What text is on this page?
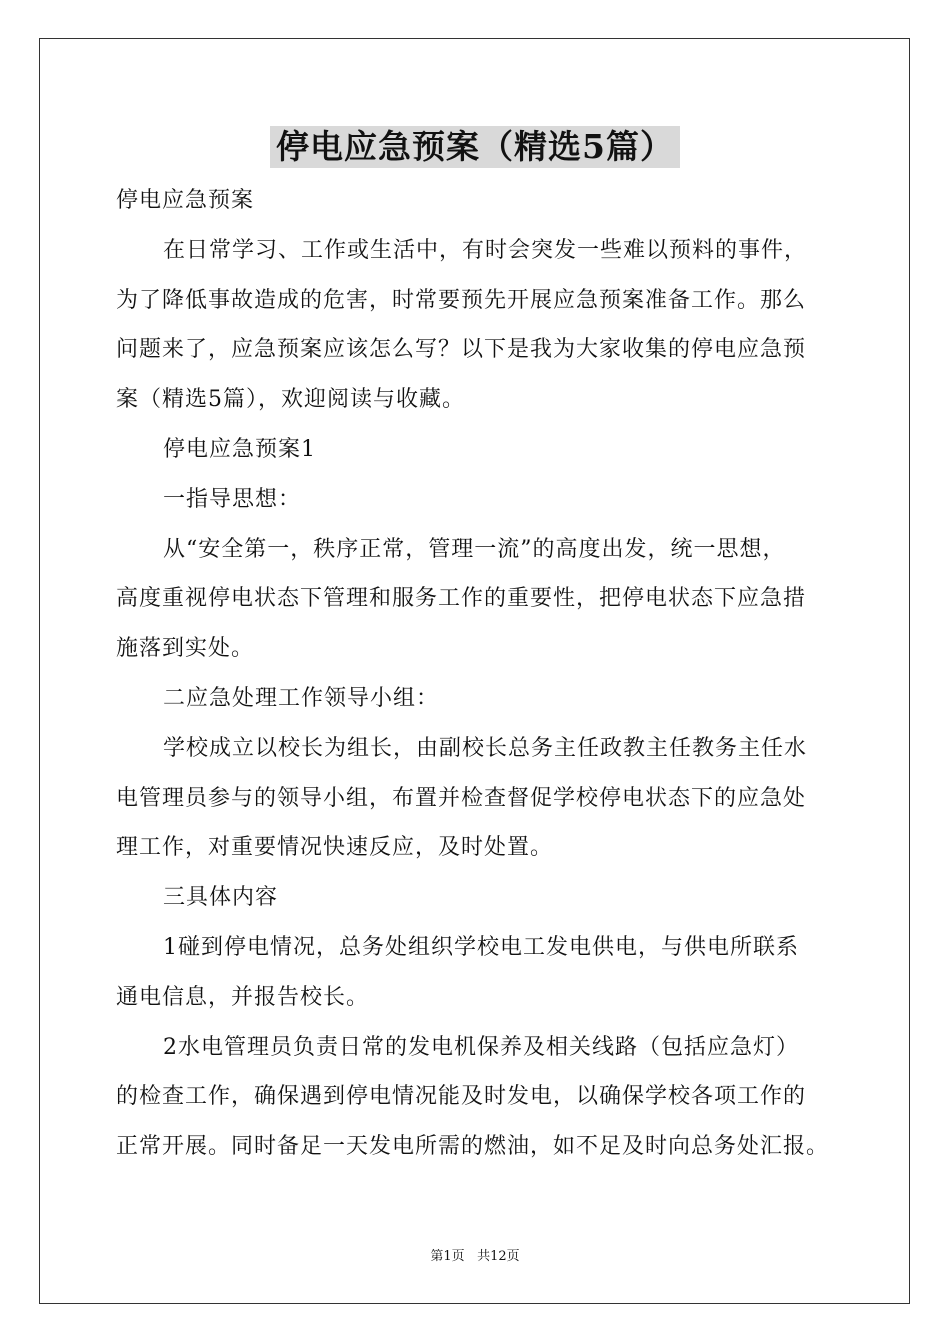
停电应急预案（精选5篇）
停电应急预案
在日常学习、工作或生活中，有时会突发一些难以预料的事件，
为了降低事故造成的危害，时常要预先开展应急预案准备工作。那么
问题来了，应急预案应该怎么写？以下是我为大家收集的停电应急预
案（精选5篇），欢迎阅读与收藏。
停电应急预案1
一指导思想：
从“安全第一，秩序正常，管理一流”的高度出发，统一思想，
高度重视停电状态下管理和服务工作的重要性，把停电状态下应急措
施落到实处。
二应急处理工作领导小组：
学校成立以校长为组长，由副校长总务主任政教主任教务主任水
电管理员参与的领导小组，布置并检查督促学校停电状态下的应急处
理工作，对重要情况快速反应，及时处置。
三具体内容
1碰到停电情况，总务处组织学校电工发电供电，与供电所联系
通电信息，并报告校长。
2水电管理员负责日常的发电机保养及相关线路（包括应急灯）
的检查工作，确保遇到停电情况能及时发电，以确保学校各项工作的
正常开展。同时备足一天发电所需的燃油，如不足及时向总务处汇报。
第1页 共12页
